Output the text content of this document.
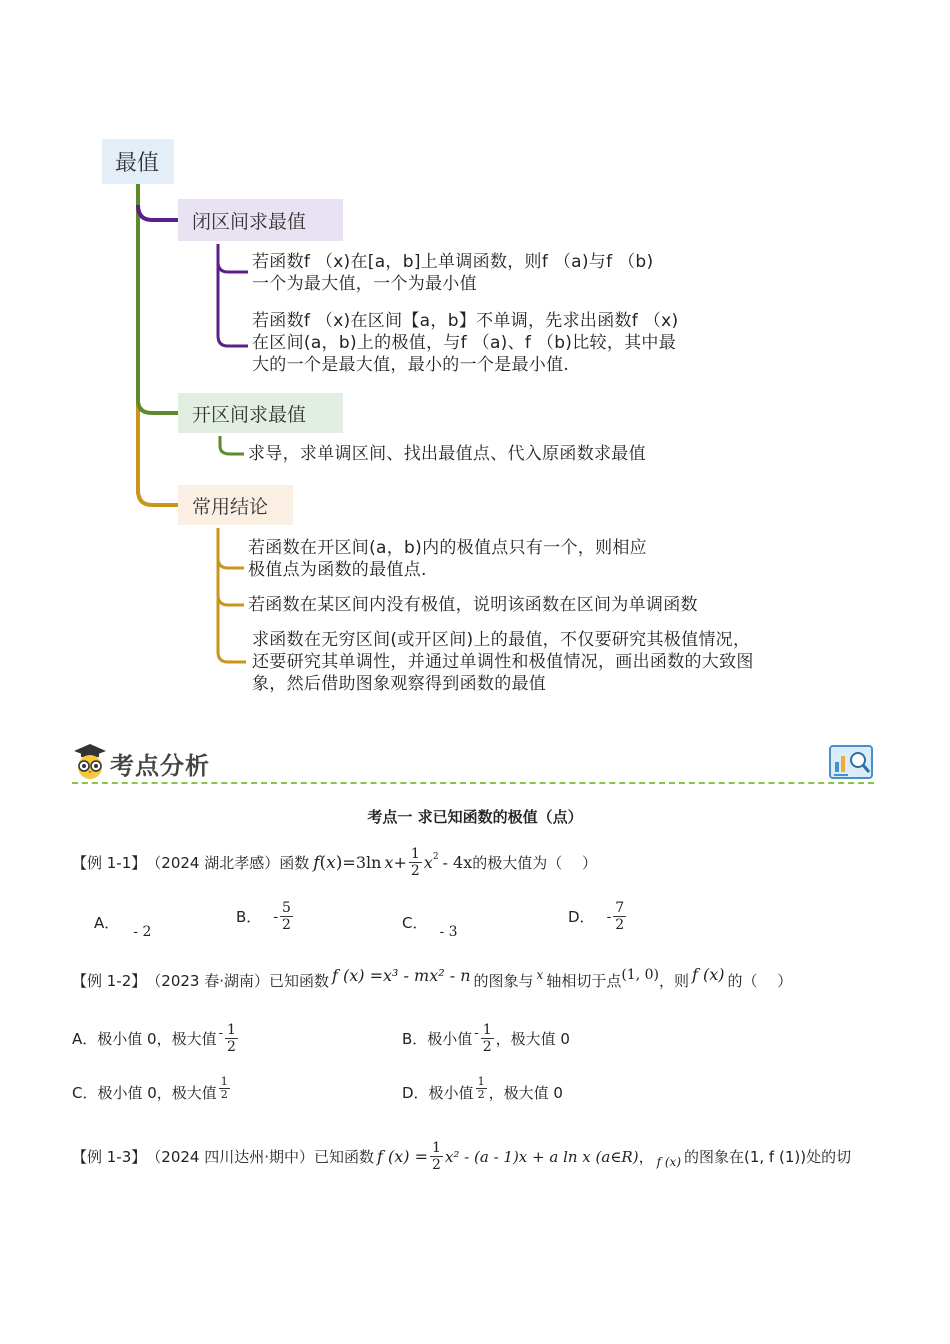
最值
闭区间求最值
若函数f （x)在[a，b]上单调函数，则f （a)与f （b)
一个为最大值，一个为最小值
若函数f （x)在区间【a，b】不单调，先求出函数f （x)
在区间(a，b)上的极值，与f （a)、f （b)比较，其中最
大的一个是最大值，最小的一个是最小值.
开区间求最值
求导，求单调区间、找出最值点、代入原函数求最值
常用结论
若函数在开区间(a，b)内的极值点只有一个，则相应
极值点为函数的最值点.
若函数在某区间内没有极值，说明该函数在区间为单调函数
求函数在无穷区间(或开区间)上的最值，不仅要研究其极值情况，
还要研究其单调性，并通过单调性和极值情况，画出函数的大致图
象，然后借助图象观察得到函数的最值
考点分析
考点一 求已知函数的极值（点）
【例 1-1】 （2024 湖北孝感）函数 f ( x ) =3ln $x + \frac{1}{2} x^2 - 4x$ 的极大值为（　 ）
A． - 2
B． - $\frac{5}{2}$	C． - 3
D． - $\frac{7}{2}$
【例 1-2】 （2023 春·湖南）已知函数 f (x) =x³ - mx² - n 的图象与 x 轴相切于点 (1, 0) ，则 f (x) 的（　 ）
A．极小值 0，极大值 - $\frac{1}{2}$	B．极小值 - $\frac{1}{2}$ ，极大值 0
C．极小值 0，极大值 $\frac{1}{2}$	D．极小值 $\frac{1}{2}$ ，极大值 0
【例 1-3】 （2024 四川达州·期中）已知函数 f $(x) = \frac{1}{2} x^2 - (a - 1)x + a$ ln x (a∈R) ， f (x) 的图象在(1, f (1))处的切
